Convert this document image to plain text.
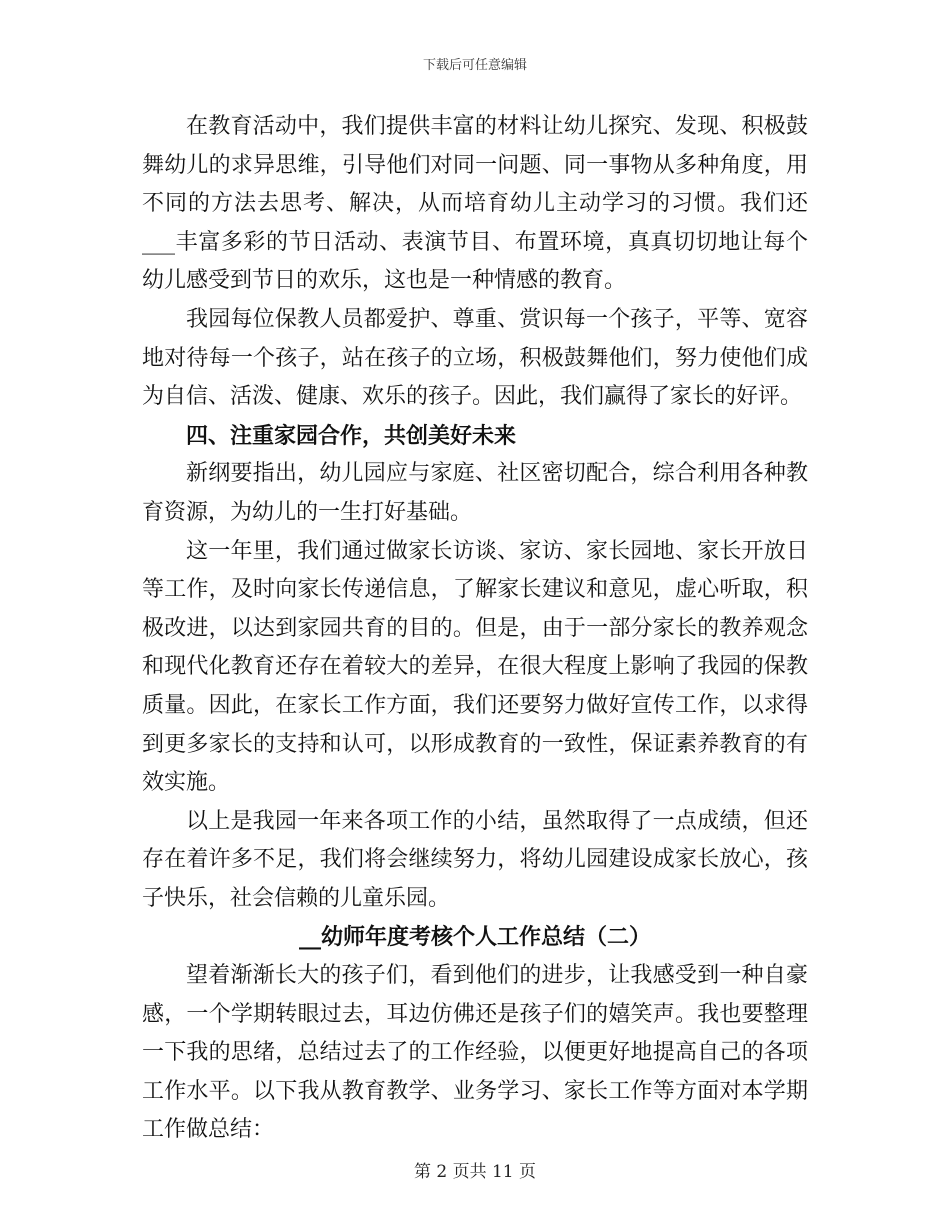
下载后可任意编辑

在教育活动中，我们提供丰富的材料让幼儿探究、发现、积极鼓舞幼儿的求异思维，引导他们对同一问题、同一事物从多种角度，用不同的方法去思考、解决，从而培育幼儿主动学习的习惯。我们还___丰富多彩的节日活动、表演节目、布置环境，真真切切地让每个幼儿感受到节日的欢乐，这也是一种情感的教育。

我园每位保教人员都爱护、尊重、赏识每一个孩子，平等、宽容地对待每一个孩子，站在孩子的立场，积极鼓舞他们，努力使他们成为自信、活泼、健康、欢乐的孩子。因此，我们赢得了家长的好评。

四、注重家园合作，共创美好未来

新纲要指出，幼儿园应与家庭、社区密切配合，综合利用各种教育资源，为幼儿的一生打好基础。

这一年里，我们通过做家长访谈、家访、家长园地、家长开放日等工作，及时向家长传递信息，了解家长建议和意见，虚心听取，积极改进，以达到家园共育的目的。但是，由于一部分家长的教养观念和现代化教育还存在着较大的差异，在很大程度上影响了我园的保教质量。因此，在家长工作方面，我们还要努力做好宣传工作，以求得到更多家长的支持和认可，以形成教育的一致性，保证素养教育的有效实施。

以上是我园一年来各项工作的小结，虽然取得了一点成绩，但还存在着许多不足，我们将会继续努力，将幼儿园建设成家长放心，孩子快乐，社会信赖的儿童乐园。

__幼师年度考核个人工作总结（二）

望着渐渐长大的孩子们，看到他们的进步，让我感受到一种自豪感，一个学期转眼过去，耳边仿佛还是孩子们的嬉笑声。我也要整理一下我的思绪，总结过去了的工作经验，以便更好地提高自己的各项工作水平。以下我从教育教学、业务学习、家长工作等方面对本学期工作做总结：

第 2 页共 11 页
